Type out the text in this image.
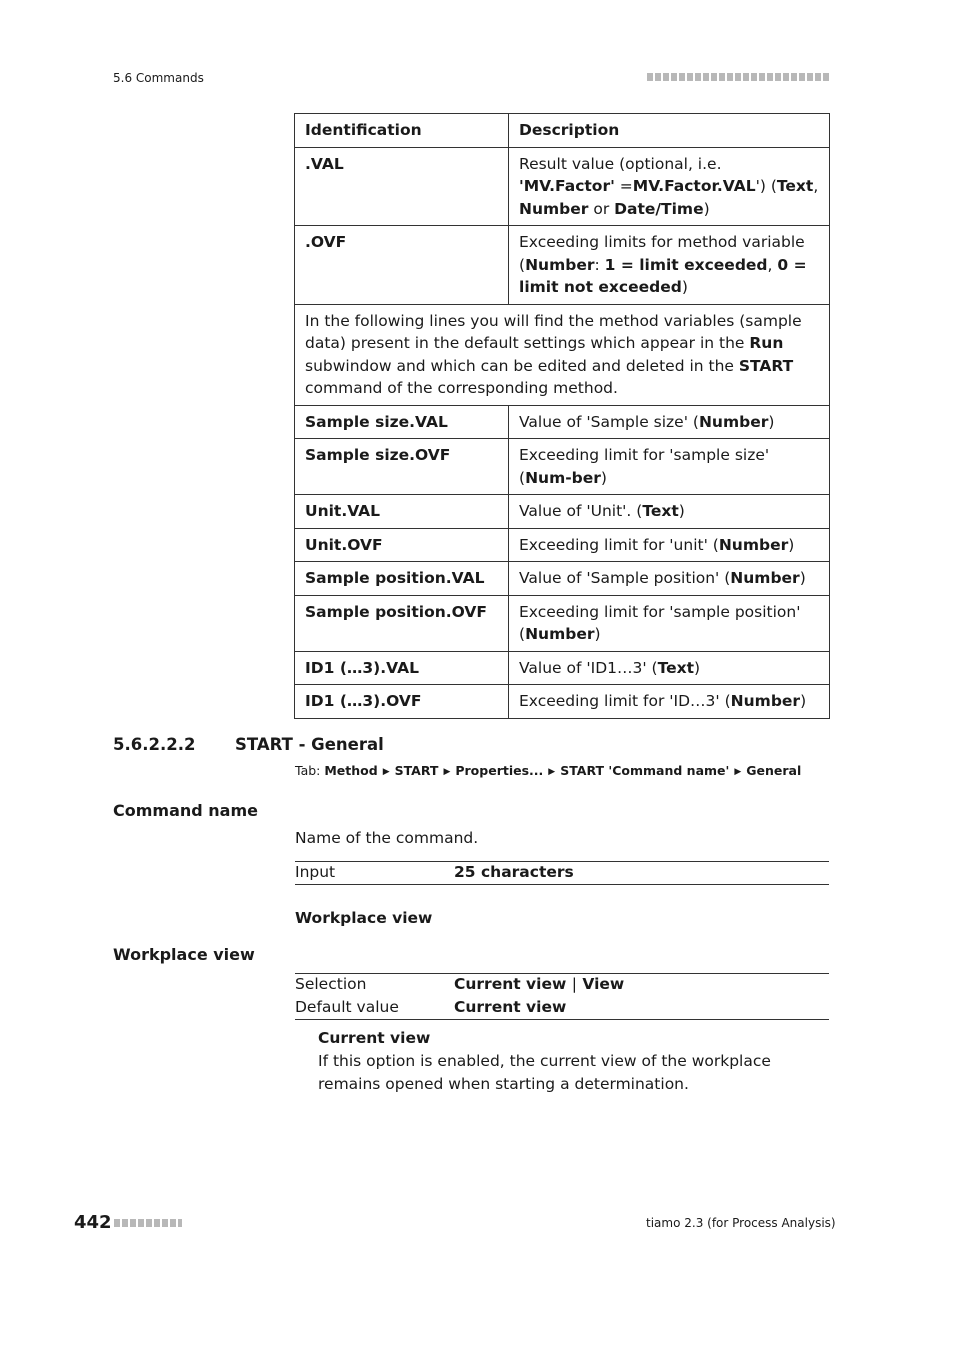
5.6 Commands
Identification	Description
.VAL	Result value (optional, i.e. 'MV.Factor' =MV.Factor.VAL') (Text, Number or Date/Time)
.OVF	Exceeding limits for method variable (Number: 1 = limit exceeded, 0 = limit not exceeded)
In the following lines you will find the method variables (sample data) present in the default settings which appear in the Run subwindow and which can be edited and deleted in the START command of the corresponding method.	
Sample size.VAL	Value of 'Sample size' (Number)
Sample size.OVF	Exceeding limit for 'sample size' (Num-ber)
Unit.VAL	Value of 'Unit'. (Text)
Unit.OVF	Exceeding limit for 'unit' (Number)
Sample position.VAL	Value of 'Sample position' (Number)
Sample position.OVF	Exceeding limit for 'sample position' (Number)
ID1 (…3).VAL	Value of 'ID1…3' (Text)
ID1 (…3).OVF	Exceeding limit for 'ID…3' (Number)
5.6.2.2.2 START - General
Tab: Method ▶ START ▶ Properties... ▶ START 'Command name' ▶ General
Command name
Name of the command.
Input	25 characters
Workplace view
Workplace view
Selection	Current view | View
Default value	Current view
Current view
If this option is enabled, the current view of the workplace remains opened when starting a determination.
442	tiamo 2.3 (for Process Analysis)
